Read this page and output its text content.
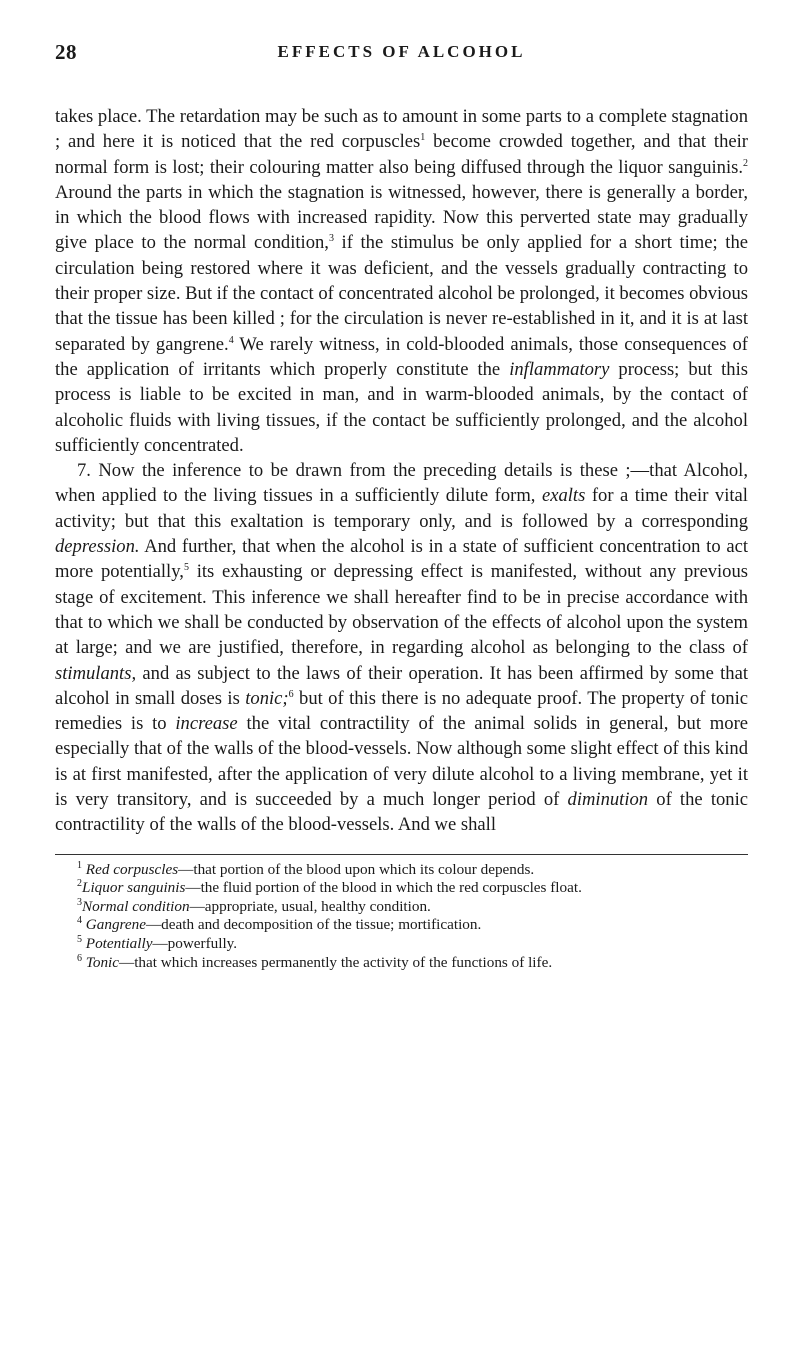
28	EFFECTS OF ALCOHOL

takes place. The retardation may be such as to amount in some parts to a complete stagnation ; and here it is noticed that the red corpuscles$^1$ become crowded together, and that their normal form is lost; their colouring matter also being diffused through the liquor sanguinis.$^2$ Around the parts in which the stagnation is witnessed, however, there is generally a border, in which the blood flows with increased rapidity. Now this perverted state may gradually give place to the normal condition,$^3$ if the stimulus be only applied for a short time; the circulation being restored where it was deficient, and the vessels gradually contracting to their proper size. But if the contact of concentrated alcohol be prolonged, it becomes obvious that the tissue has been killed ; for the circulation is never re-established in it, and it is at last separated by gangrene.$^4$ We rarely witness, in cold-blooded animals, those consequences of the application of irritants which properly constitute the inflammatory process; but this process is liable to be excited in man, and in warm-blooded animals, by the contact of alcoholic fluids with living tissues, if the contact be sufficiently prolonged, and the alcohol sufficiently concentrated.

7. Now the inference to be drawn from the preceding details is these ;—that Alcohol, when applied to the living tissues in a sufficiently dilute form, exalts for a time their vital activity; but that this exaltation is temporary only, and is followed by a corresponding depression. And further, that when the alcohol is in a state of sufficient concentration to act more potentially,$^5$ its exhausting or depressing effect is manifested, without any previous stage of excitement. This inference we shall hereafter find to be in precise accordance with that to which we shall be conducted by observation of the effects of alcohol upon the system at large; and we are justified, therefore, in regarding alcohol as belonging to the class of stimulants, and as subject to the laws of their operation. It has been affirmed by some that alcohol in small doses is tonic;$^6$ but of this there is no adequate proof. The property of tonic remedies is to increase the vital contractility of the animal solids in general, but more especially that of the walls of the blood-vessels. Now although some slight effect of this kind is at first manifested, after the application of very dilute alcohol to a living membrane, yet it is very transitory, and is succeeded by a much longer period of diminution of the tonic contractility of the walls of the blood-vessels. And we shall

$^1$ Red corpuscles—that portion of the blood upon which its colour depends.

$^2$Liquor sanguinis—the fluid portion of the blood in which the red corpuscles float.

$^3$Normal condition—appropriate, usual, healthy condition.

$^4$ Gangrene—death and decomposition of the tissue; mortification.

$^5$ Potentially—powerfully.

$^6$ Tonic—that which increases permanently the activity of the functions of life.
